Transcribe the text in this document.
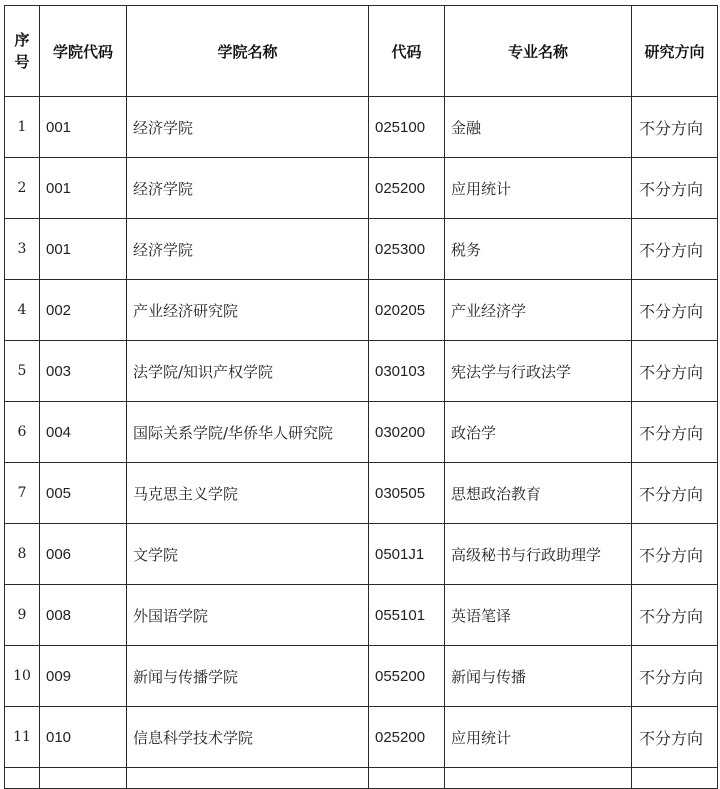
序
号	学院代码	学院名称	代码	专业名称	研究方向
1	001	经济学院	025100	金融	不分方向
2	001	经济学院	025200	应用统计	不分方向
3	001	经济学院	025300	税务	不分方向
4	002	产业经济研究院	020205	产业经济学	不分方向
5	003	法学院/知识产权学院	030103	宪法学与行政法学	不分方向
6	004	国际关系学院/华侨华人研究院	030200	政治学	不分方向
7	005	马克思主义学院	030505	思想政治教育	不分方向
8	006	文学院	0501J1	高级秘书与行政助理学	不分方向
9	008	外国语学院	055101	英语笔译	不分方向
10	009	新闻与传播学院	055200	新闻与传播	不分方向
11	010	信息科学技术学院	025200	应用统计	不分方向
